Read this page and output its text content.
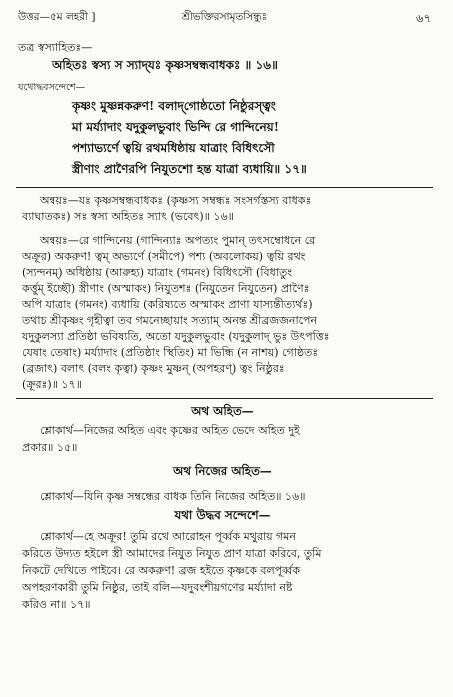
উত্তর—৫ম লহরী ]	শ্রীভক্তিরসামৃতসিন্ধুঃ	৬৭
তত্র স্বস্যাহিতঃ—
অহিতঃ স্বস্য স স্যাদ্‌যঃ কৃষ্ণসম্বন্ধবাধকঃ ॥ ১৬॥
যথোদ্ধবসন্দেশে—
কৃষ্ণং মুষ্ণন্নকরুণ! বলাদ্‌গোষ্ঠতো নিষ্ঠুরস্ত্বং
মা মর্য্যাদাং যদুকুলভুবাং ভিন্দি রে গান্দিনেয়!
পশ্যাভ্যর্ণে ত্বয়ি রথমধিষ্ঠায় যাত্রাং বিধিৎসৌ
স্ত্রীণাং প্রাণৈরপি নিযুতশো হন্ত যাত্রা ব্যধায়ি॥ ১৭॥
অন্বয়ঃ—যঃ কৃষ্ণসম্বন্ধবাধকঃ (কৃষ্ণস্য সম্বন্ধঃ সংসর্গস্তস্য বাধকঃ
ব্যাঘাতকঃ) সঃ স্বস্য অহিতঃ স্যাৎ (ভবেৎ)॥ ১৬॥
অন্বয়ঃ—রে গান্দিনেয় (গান্দিন্যাঃ অপত্যং পুমান্‌ তৎসম্বোধনে রে
অক্রূর) অকরুণ! ত্বম্‌ অভ্যর্ণে (সমীপে) পশ্য (অবলোকয়) ত্বয়ি রথং
(স্যন্দনম্‌) অধিষ্ঠায় (আরুহ্য) যাত্রাং (গমনং) বিধিৎসৌ (বিধাতুং
কর্ত্তুম্‌ ইচ্ছৌ) স্ত্রীণাং (অস্মাকং) নিযুতশঃ (নিযুতেন নিযুতেন) প্রাণৈঃ
অপি যাত্রাং (গমনং) ব্যধায়ি (করিষ্যতে অস্মাকং প্রাণা যাস্যন্তীত্যর্থঃ)
তথাচ শ্রীকৃষ্ণং গৃহীত্বা তব গমনেচ্ছায়াং সত্যাম্‌ অনন্ত শ্রীব্রজজনাপেন
যদুকুলস্যা প্রতিষ্ঠা ভবিষ্যতি, অতো যদুকুলভুবাং (যদুকুলাদ্‌ ভুঃ উৎপত্তিঃ
যেষাং তেষাং) মর্য্যাদাং (প্রতিষ্ঠাং স্থিতিং) মা ভিন্ধি (ন নাশয়) গোষ্ঠতঃ
(ব্রজাৎ) বলাৎ (বলং কৃত্বা) কৃষ্ণং মুষ্ণন্‌ (অপহরণ্‌) ত্বং নিষ্ঠুরঃ
(ক্রূরঃ)॥ ১৭॥
অথ অহিত—
শ্লোকার্থ—নিজের অহিত এবং কৃষ্ণের অহিত ভেদে অহিত দুই
প্রকার॥ ১৫॥
অথ নিজের অহিত—
শ্লোকার্থ—যিনি কৃষ্ণ সম্বন্ধের বাধক তিনি নিজের অহিত॥ ১৬॥
যথা উদ্ধব সন্দেশে—
শ্লোকার্থ—হে অক্রূর! তুমি রথে আরোহন পূর্ব্বক মথুরায় গমন
করিতে উদ্যত হইলে স্ত্রী আমাদের নিযুত নিযুত প্রাণ যাত্রা করিবে, তুমি
নিকটে দেখিতে পাইবে। রে অকরুণ! ব্রজ হইতে কৃষ্ণকে বলপূর্ব্বক
অপহরণকারী তুমি নিষ্ঠুর, তাই বলি—যদুবংশীয়গণের মর্য্যাদা নষ্ট
করিও না॥ ১৭॥
